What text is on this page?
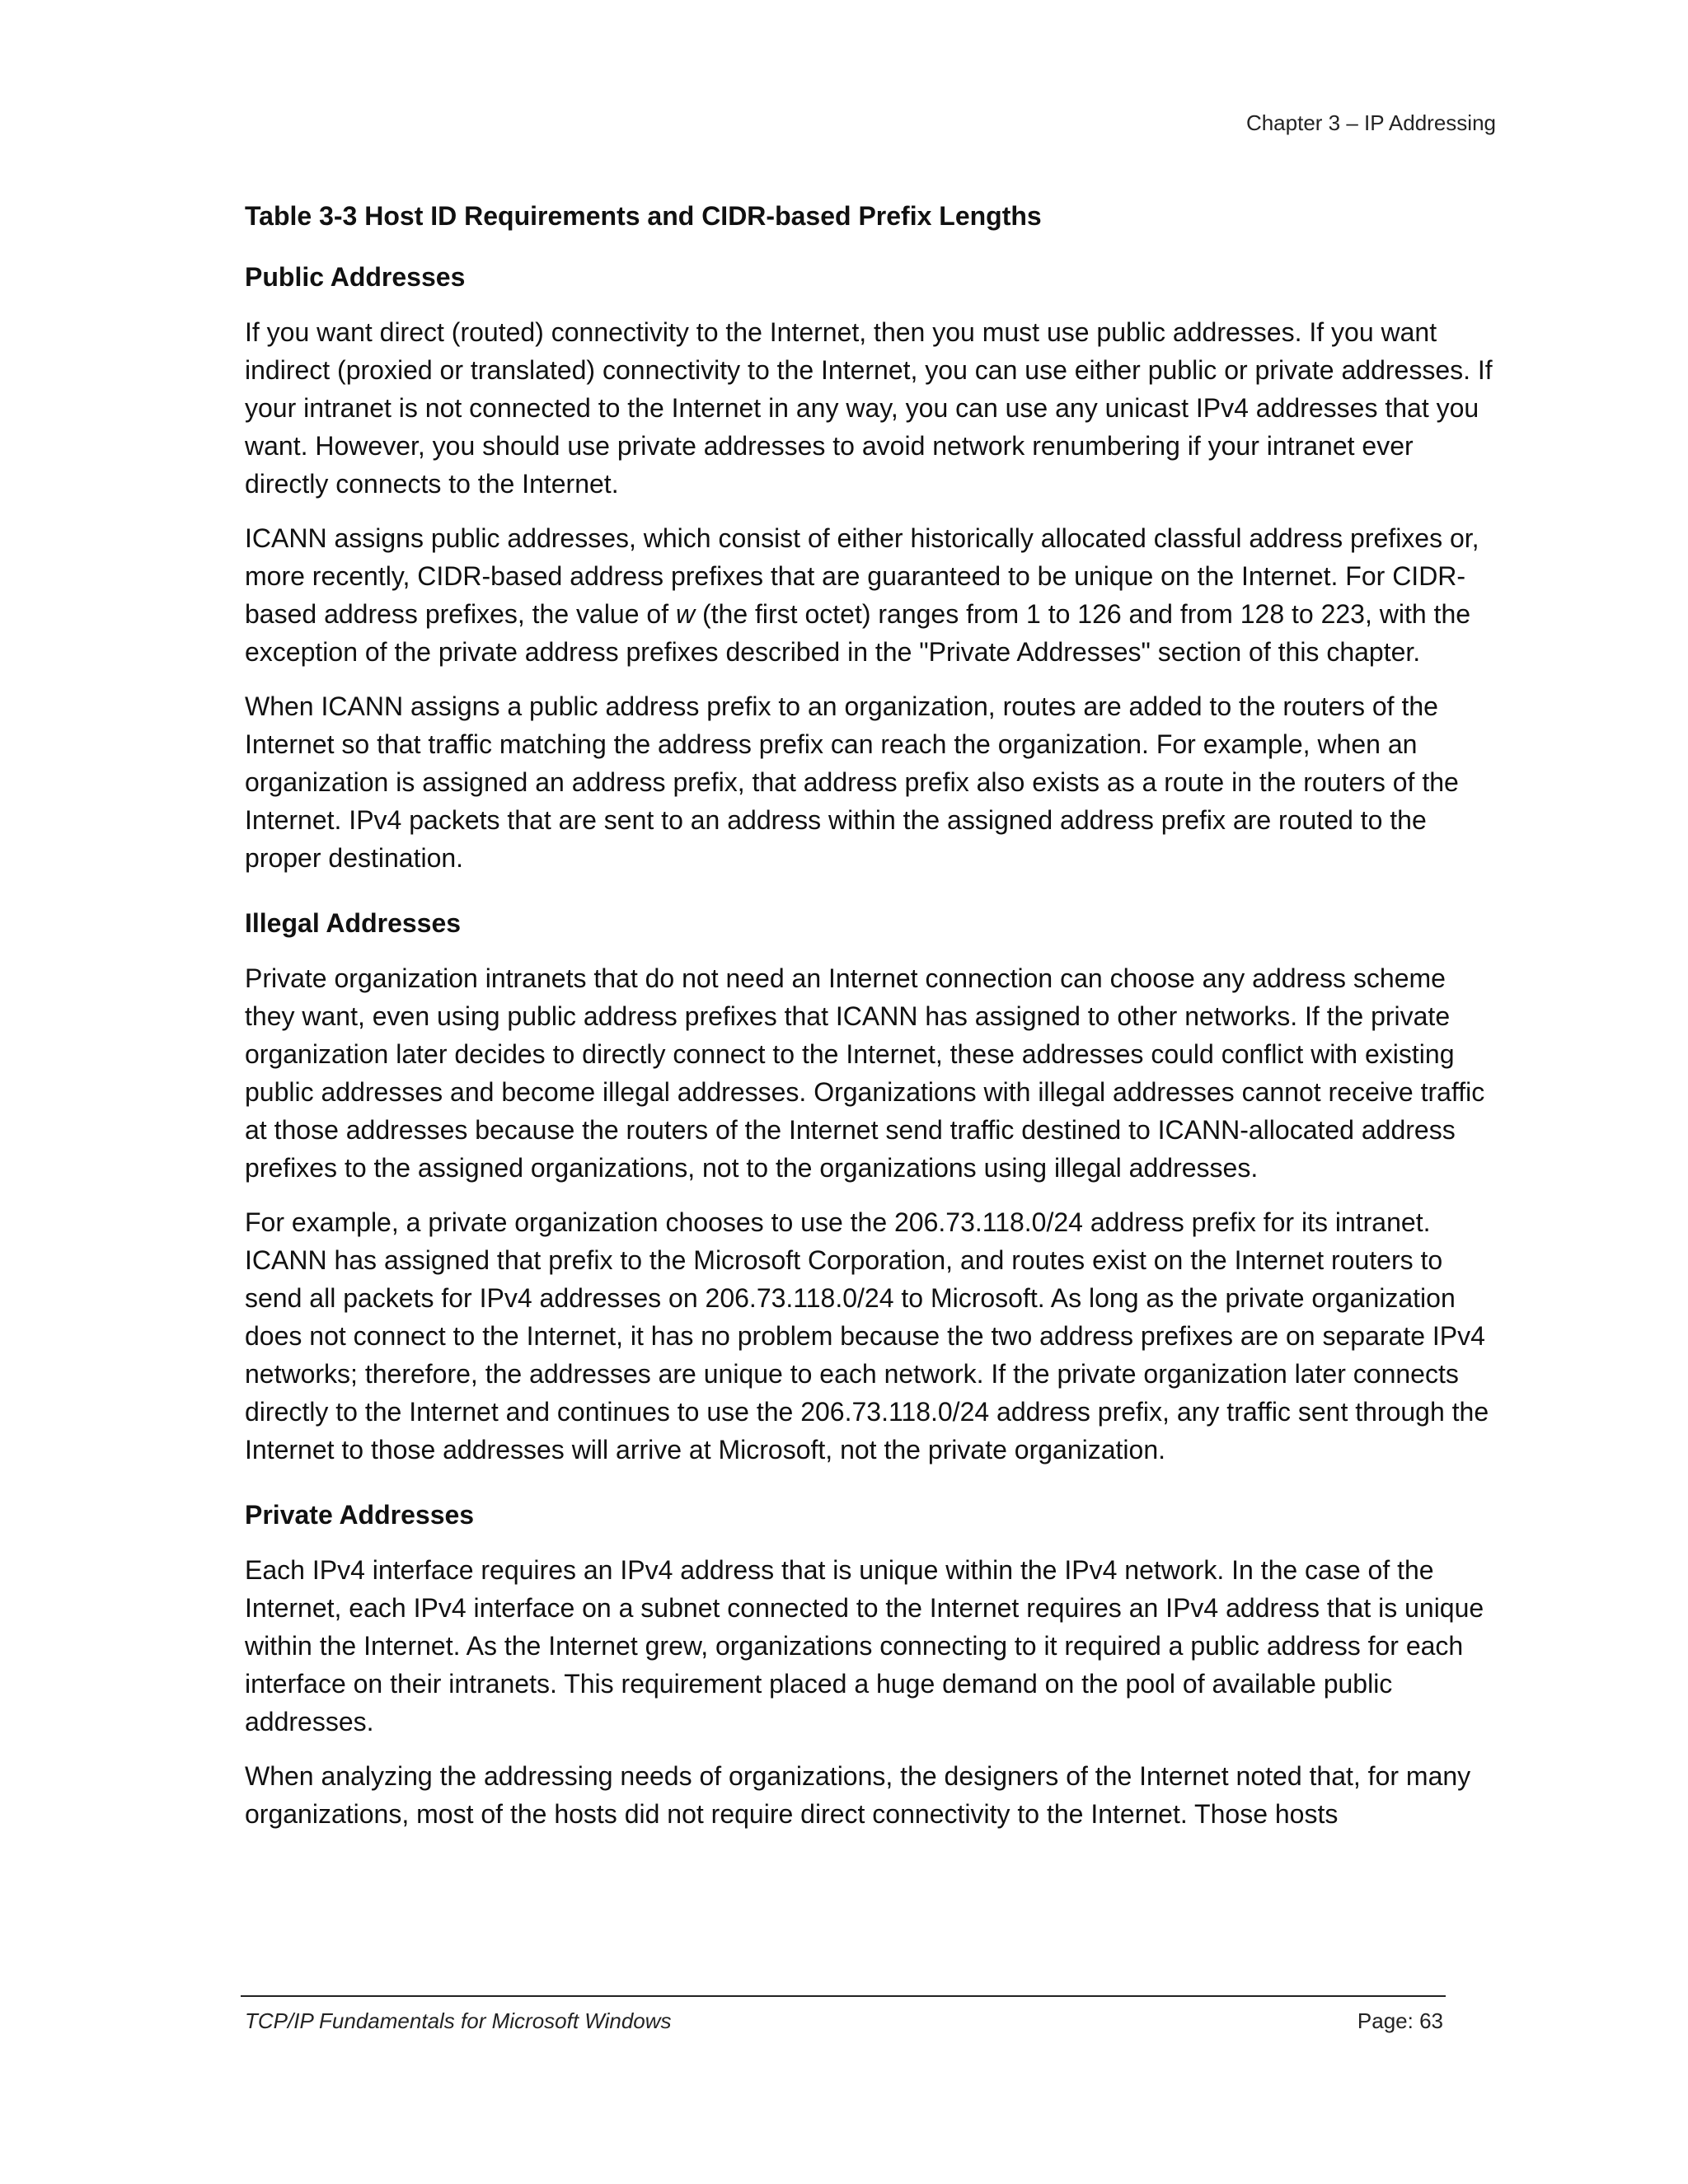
Chapter 3 – IP Addressing
Table 3-3 Host ID Requirements and CIDR-based Prefix Lengths
Public Addresses

If you want direct (routed) connectivity to the Internet, then you must use public addresses. If you want indirect (proxied or translated) connectivity to the Internet, you can use either public or private addresses. If your intranet is not connected to the Internet in any way, you can use any unicast IPv4 addresses that you want. However, you should use private addresses to avoid network renumbering if your intranet ever directly connects to the Internet.

ICANN assigns public addresses, which consist of either historically allocated classful address prefixes or, more recently, CIDR-based address prefixes that are guaranteed to be unique on the Internet. For CIDR-based address prefixes, the value of w (the first octet) ranges from 1 to 126 and from 128 to 223, with the exception of the private address prefixes described in the "Private Addresses" section of this chapter.

When ICANN assigns a public address prefix to an organization, routes are added to the routers of the Internet so that traffic matching the address prefix can reach the organization. For example, when an organization is assigned an address prefix, that address prefix also exists as a route in the routers of the Internet. IPv4 packets that are sent to an address within the assigned address prefix are routed to the proper destination.

Illegal Addresses

Private organization intranets that do not need an Internet connection can choose any address scheme they want, even using public address prefixes that ICANN has assigned to other networks. If the private organization later decides to directly connect to the Internet, these addresses could conflict with existing public addresses and become illegal addresses. Organizations with illegal addresses cannot receive traffic at those addresses because the routers of the Internet send traffic destined to ICANN-allocated address prefixes to the assigned organizations, not to the organizations using illegal addresses.

For example, a private organization chooses to use the 206.73.118.0/24 address prefix for its intranet. ICANN has assigned that prefix to the Microsoft Corporation, and routes exist on the Internet routers to send all packets for IPv4 addresses on 206.73.118.0/24 to Microsoft. As long as the private organization does not connect to the Internet, it has no problem because the two address prefixes are on separate IPv4 networks; therefore, the addresses are unique to each network. If the private organization later connects directly to the Internet and continues to use the 206.73.118.0/24 address prefix, any traffic sent through the Internet to those addresses will arrive at Microsoft, not the private organization.

Private Addresses

Each IPv4 interface requires an IPv4 address that is unique within the IPv4 network. In the case of the Internet, each IPv4 interface on a subnet connected to the Internet requires an IPv4 address that is unique within the Internet. As the Internet grew, organizations connecting to it required a public address for each interface on their intranets. This requirement placed a huge demand on the pool of available public addresses.

When analyzing the addressing needs of organizations, the designers of the Internet noted that, for many organizations, most of the hosts did not require direct connectivity to the Internet. Those hosts

TCP/IP Fundamentals for Microsoft Windows	Page: 63
